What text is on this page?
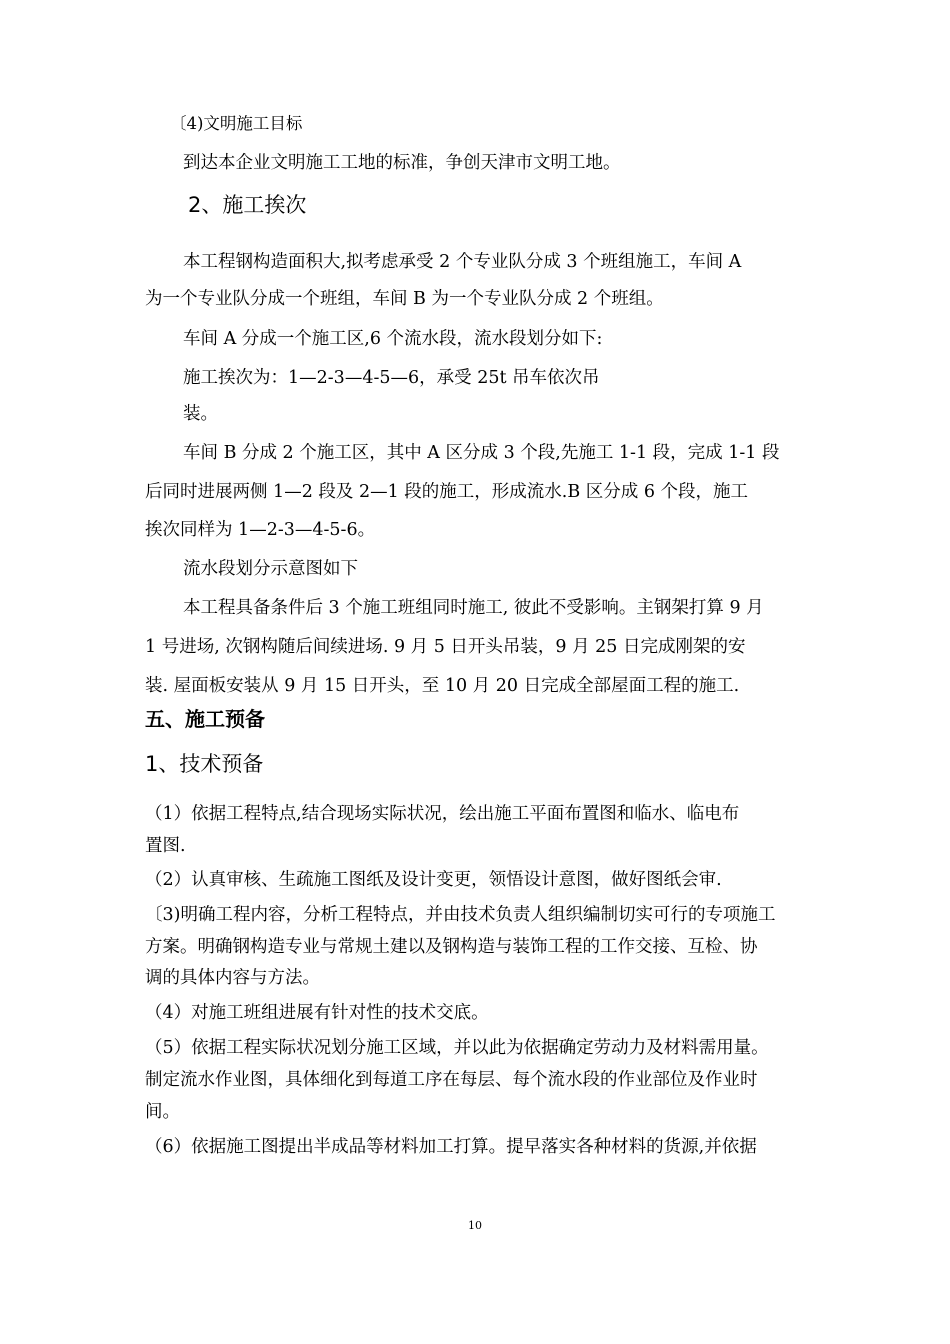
〔4)文明施工目标

到达本企业文明施工工地的标准，争创天津市文明工地。

2、施工挨次

本工程钢构造面积大,拟考虑承受 2 个专业队分成 3 个班组施工，车间 A

为一个专业队分成一个班组，车间 B 为一个专业队分成 2 个班组。

车间 A 分成一个施工区,6 个流水段，流水段划分如下:

施工挨次为：1—2-3—4-5—6，承受 25t 吊车依次吊

装。

车间 B 分成 2 个施工区，其中 A 区分成 3 个段,先施工 1-1 段，完成 1-1 段

后同时进展两侧 1—2 段及 2—1 段的施工，形成流水.B 区分成 6 个段，施工

挨次同样为 1—2-3—4-5-6。

流水段划分示意图如下

本工程具备条件后 3 个施工班组同时施工, 彼此不受影响。主钢架打算 9 月

1 号进场, 次钢构随后间续进场. 9 月 5 日开头吊装，9 月 25 日完成刚架的安

装. 屋面板安装从 9 月 15 日开头，至 10 月 20 日完成全部屋面工程的施工.

五、施工预备

1、技术预备

（1）依据工程特点,结合现场实际状况，绘出施工平面布置图和临水、临电布

置图.

（2）认真审核、生疏施工图纸及设计变更，领悟设计意图，做好图纸会审.

〔3)明确工程内容，分析工程特点，并由技术负责人组织编制切实可行的专项施工

方案。明确钢构造专业与常规土建以及钢构造与装饰工程的工作交接、互检、协

调的具体内容与方法。

（4）对施工班组进展有针对性的技术交底。

（5）依据工程实际状况划分施工区域，并以此为依据确定劳动力及材料需用量。

制定流水作业图，具体细化到每道工序在每层、每个流水段的作业部位及作业时

间。

（6）依据施工图提出半成品等材料加工打算。提早落实各种材料的货源,并依据

10
